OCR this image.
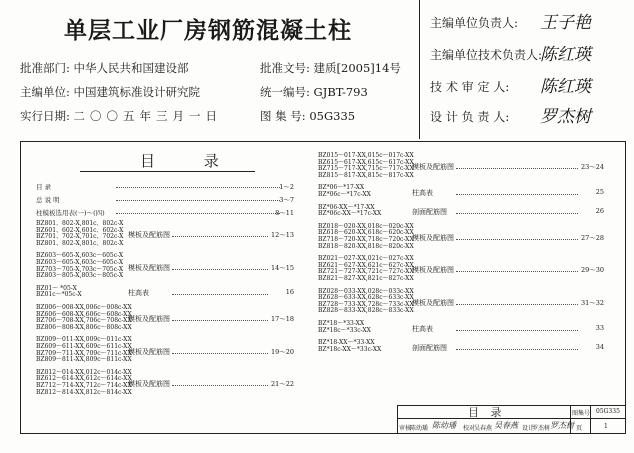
单层工业厂房钢筋混凝土柱
批准部门: 中华人民共和国建设部	批准文号: 建质[2005]14号
主编单位: 中国建筑标准设计研究院	统一编号: GJBT-793
实行日期: 二〇〇五年三月一日	图 集 号: 05G335
主编单位负责人: 王子艳
主编单位技术负责人:
陈红瑛
技 术 审 定 人: 陈红瑛
设 计 负 责 人: 罗杰树
目 录
目 录	1～2
总 说 明	3～7
柱模板选用表(一)～(四)	8～11
BZ801、802-X,801c、802c-X
BZ601、602-X,601c、602c-X
BZ701、702-X,701c、702c-X
BZ801、802-X,801c、802c-X
模板及配筋图	12～13
BZ603～605-X,603c～605c-X
BZ603～605-X,603c～605c-X
BZ703～705-X,703c～705c-X
BZ803～805-X,803c～805c-X
模板及配筋图	14～15
BZ01～ *05-X
BZ01c～*05c-X	柱高表	16
BZ006～008-XX,006c～008c-XX
BZ606～608-XX,606c～608c-XX
BZ706～708-XX,706c～708c-XX
BZ806～808-XX,806c～808c-XX
模板及配筋图	17～18
BZ009～011-XX,009c～011c-XX
BZ609～611-XX,609c～611c-XX
BZ709～711-XX,709c～711c-XX
BZ809～811-XX,809c～811c-XX
模板及配筋图	19～20
BZ012～014-XX,012c～014c-XX
BZ612～614-XX,612c～614c-XX
BZ712～714-XX,712c～714c-XX
BZ812～814-XX,812c～814c-XX
模板及配筋图	21～22
BZ015～017-XX,015c～017c-XX
BZ615～617-XX,615c～617c-XX
BZ715～717-XX,715c～717c-XX
BZ815～817-XX,815c～817c-XX
模板及配筋图	23～24
BZ*06～*17-XX
BZ*06c～*17c-XX	柱高表	25
BZ*06-XX～*17-XX
BZ*06c-XX～*17c-XX	剖面配筋图	26
BZ018～020-XX,018c～020c-XX
BZ618～620-XX,618c～620c-XX
BZ718～720-XX,718c～720c-XX
BZ818～820-XX,818c～820c-XX
模板及配筋图	27～28
BZ021～027-XX,021c～027c-XX
BZ621～627-XX,621c～627c-XX
BZ721～727-XX,721c～727c-XX
BZ821～827-XX,821c～827c-XX
模板及配筋图	29～30
BZ028～033-XX,028c～033c-XX
BZ628～633-XX,628c～633c-XX
BZ728～733-XX,728c～733c-XX
BZ828～833-XX,828c～833c-XX
模板及配筋图	31～32
BZ*18～*33-XX
BZ*18c～*33c-XX	柱高表	33
BZ*18-XX～*33-XX
BZ*18c-XX～*33c-XX	剖面配筋图	34
目 录	图集号 05G335
审核
陈幼璠 陈幼璠 校对
吴春燕 吴春燕 设计
罗杰树 罗杰树 页	1
